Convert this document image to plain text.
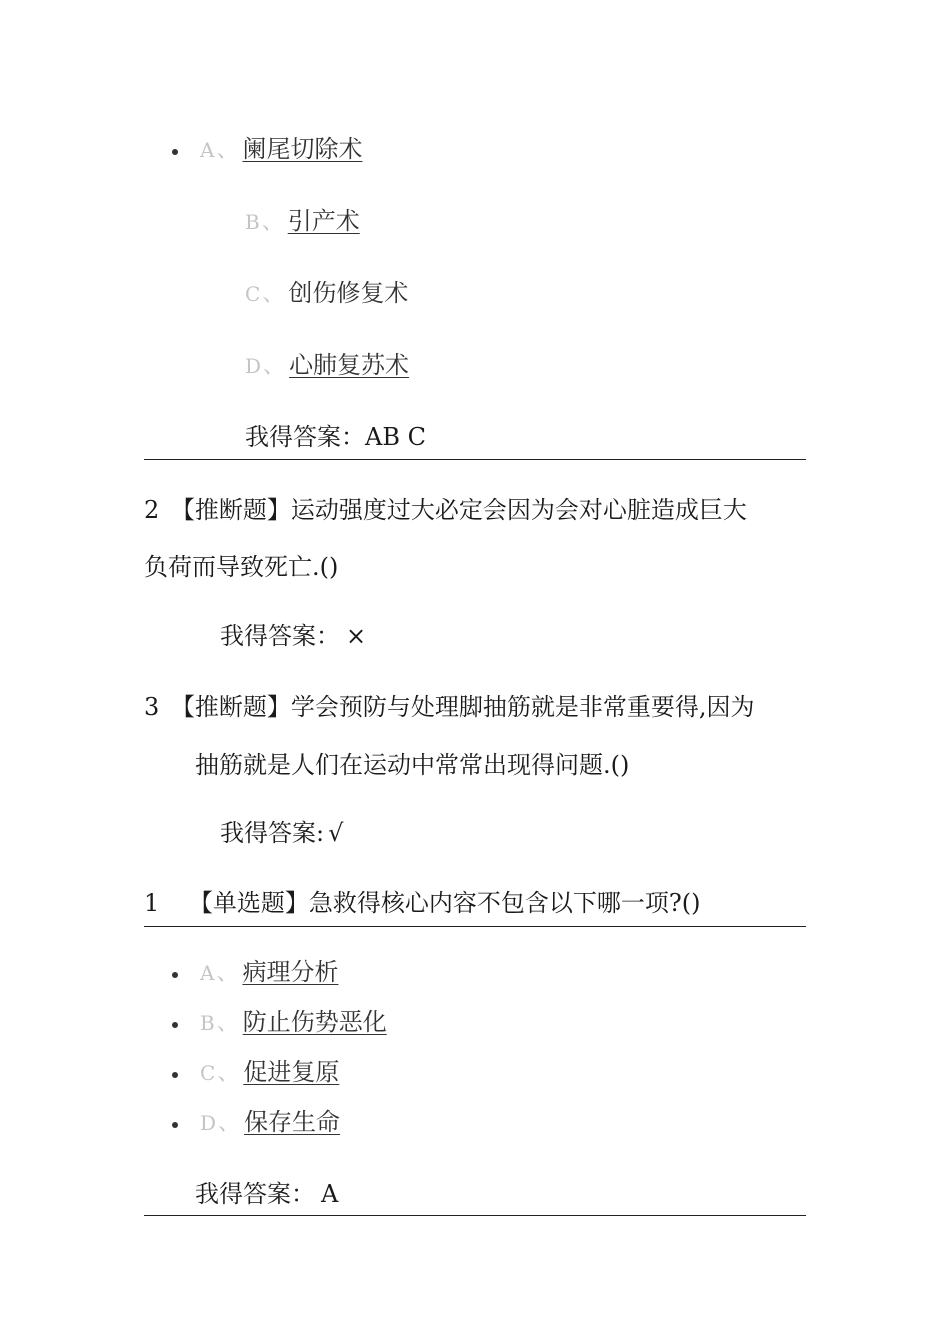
A、 阑尾切除术
B、 引产术
C、 创伤修复术
D、 心肺复苏术
我得答案：AB C
2 【推断题】运动强度过大必定会因为会对心脏造成巨大
负荷而导致死亡.()
我得答案： ×
3 【推断题】学会预防与处理脚抽筋就是非常重要得,因为
抽筋就是人们在运动中常常出现得问题.()
我得答案: √
1 【单选题】急救得核心内容不包含以下哪一项?()
A、 病理分析
B、 防止伤势恶化
C、 促进复原
D、 保存生命
我得答案： A
